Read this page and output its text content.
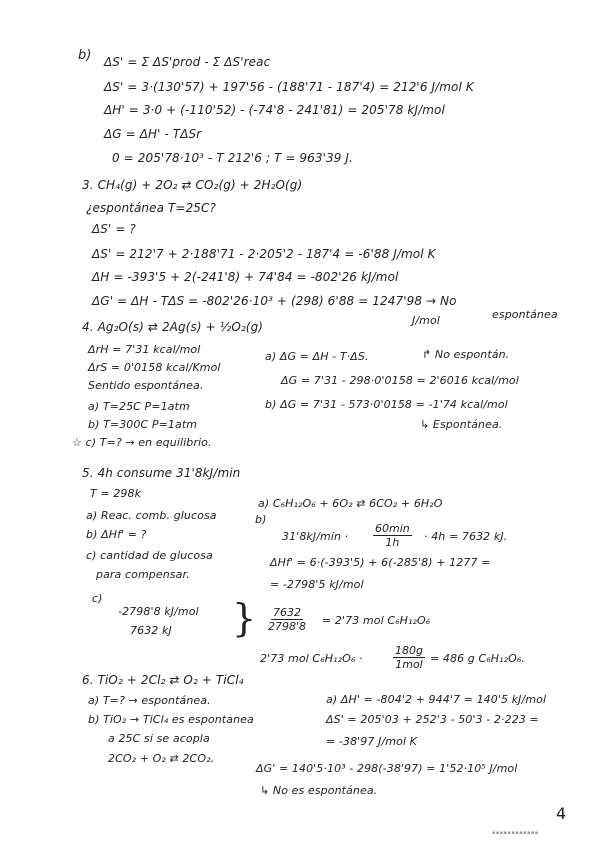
b) ΔS' = Σ ΔS'prod - Σ ΔS'reac
ΔS' = 3·(130'57) + 197'56 - (188'71 - 187'4) = 212'6 J/mol K
ΔH' = 3·0 + (-110'52) - (-74'8 - 241'81) = 205'78 kJ/mol
ΔG = ΔH' - TΔSr
0 = 205'78·10³ - T 212'6 ; T = 963'39 J.
3. CH₄(g) + 2O₂ ⇄ CO₂(g) + 2H₂O(g)
¿espontánea T=25C?
ΔS' = ?
ΔS' = 212'7 + 2·188'71 - 2·205'2 - 187'4 = -6'88 J/mol K
ΔH = -393'5 + 2(-241'8) + 74'84 = -802'26 kJ/mol
ΔG' = ΔH - TΔS = -802'26·10³ + (298) 6'88 = 1247'98 → No
J/mol	espontánea
4. Ag₂O(s) ⇄ 2Ag(s) + ½O₂(g)
ΔrH = 7'31 kcal/mol
ΔrS = 0'0158 kcal/Kmol
Sentido espontánea.
a) T=25C P=1atm
b) T=300C P=1atm
☆ c) T=? → en equilibrio.
a) ΔG = ΔH - T·ΔS.	↱ No espontán.
ΔG = 7'31 - 298·0'0158 = 2'6016 kcal/mol
b) ΔG = 7'31 - 573·0'0158 = -1'74 kcal/mol
↳ Espontánea.
5. 4h consume 31'8kJ/min
T = 298k
a) Reac. comb. glucosa
b) ΔHf' = ?
c) cantidad de glucosa
para compensar.
a) C₆H₁₂O₆ + 6O₂ ⇄ 6CO₂ + 6H₂O
b)
31'8kJ/min ·
60min
1h · 4h = 7632 kJ.
ΔHf' = 6·(-393'5) + 6(-285'8) + 1277 =
= -2798'5 kJ/mol
c)
-2798'8 kJ/mol
7632 kJ } $\frac{7632}{2798'8} = 2'73$ mol C₆H₁₂O₆
2'73 mol C₆H₁₂O₆ ·
180g
1mol = 486 g C₆H₁₂O₆.
6. TiO₂ + 2Cl₂ ⇄ O₂ + TiCl₄
a) T=? → espontánea.
b) TiO₂ → TiCl₄ es espontanea
a 25C si se acopla
2CO₂ + O₂ ⇄ 2CO₂.
a) ΔH' = -804'2 + 944'7 = 140'5 kJ/mol
ΔS' = 205'03 + 252'3 - 50'3 - 2·223 =
= -38'97 J/mol K
ΔG' = 140'5·10³ - 298(-38'97) = 1'52·10⁵ J/mol
↳ No es espontánea.
4
▪▪▪▪▪▪▪▪▪▪▪▪
